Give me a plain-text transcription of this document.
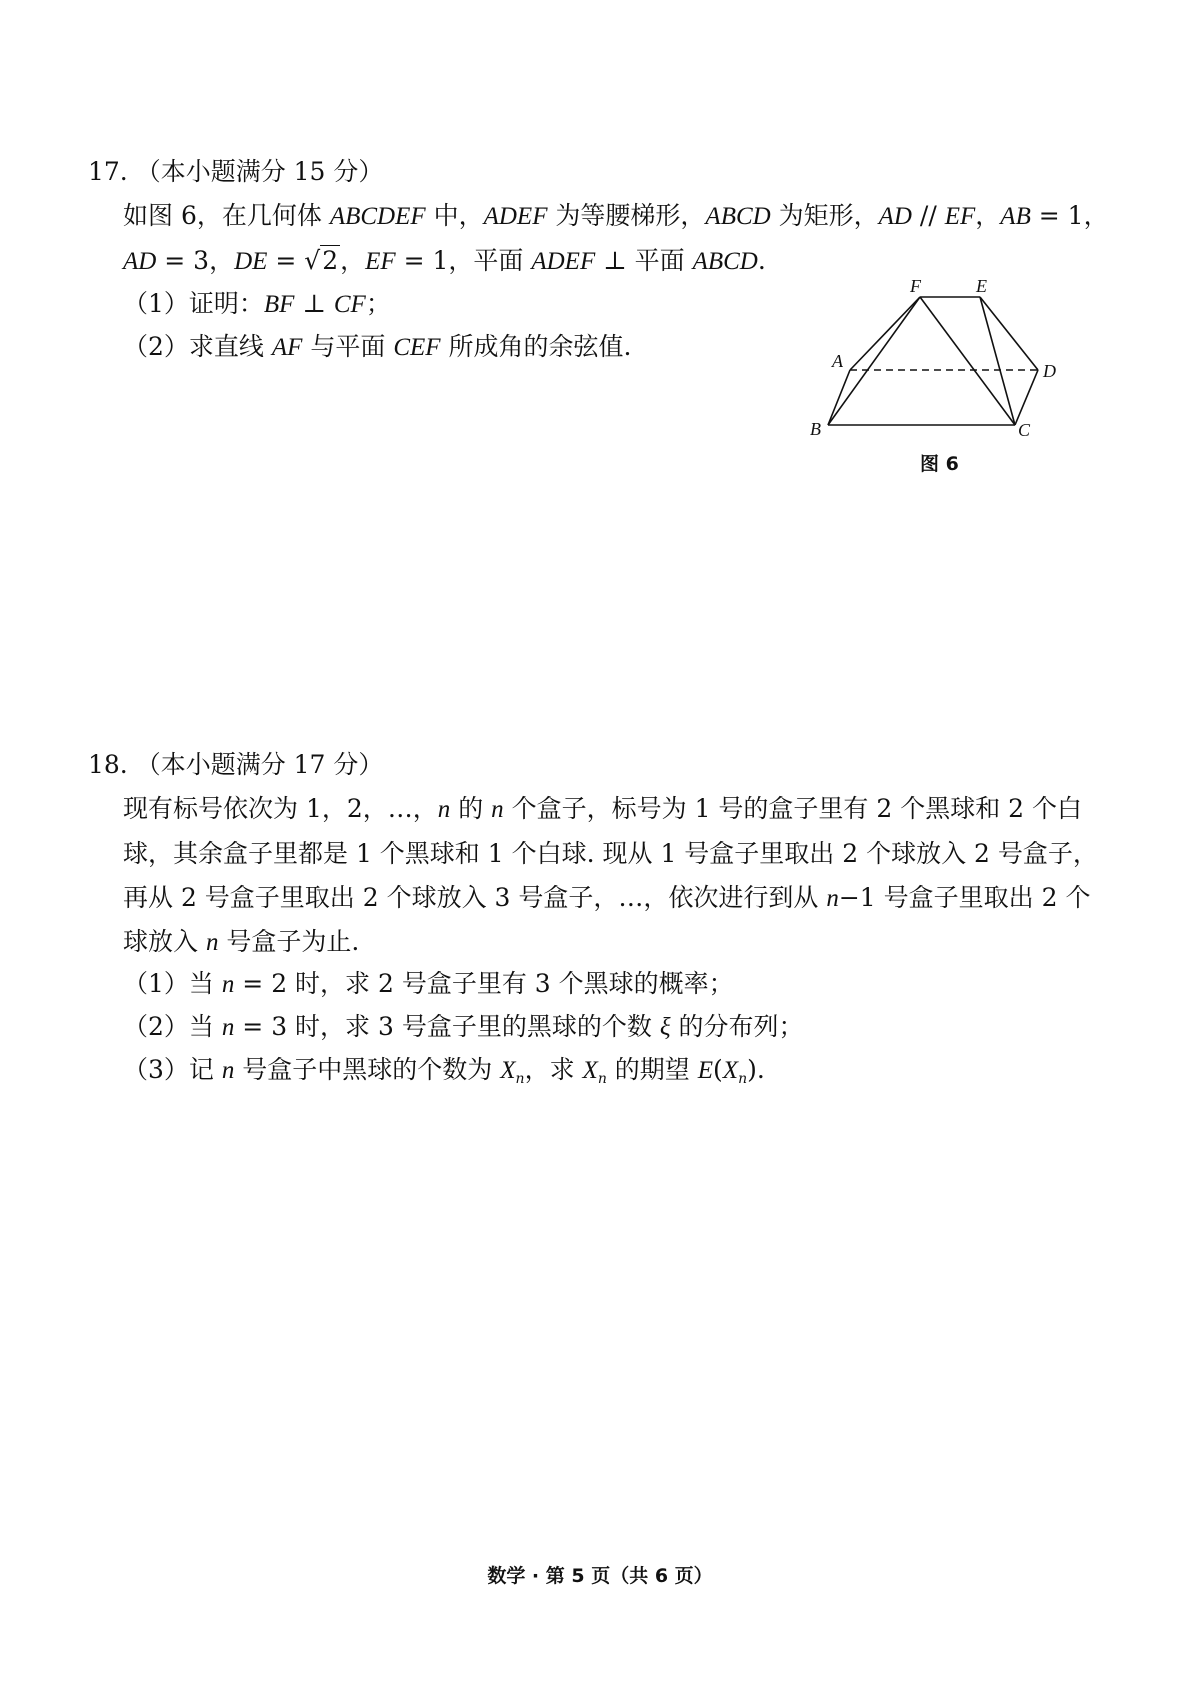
17. （本小题满分 15 分）
如图 6，在几何体 ABCDEF 中，ADEF 为等腰梯形，ABCD 为矩形，AD // EF，AB = 1，
AD = 3，DE = √2，EF = 1，平面 ADEF ⊥ 平面 ABCD.
（1）证明：BF ⊥ CF；
（2）求直线 AF 与平面 CEF 所成角的余弦值.	A
B	C
D
E
F
图 6
18. （本小题满分 17 分）
现有标号依次为 1，2，…，n 的 n 个盒子，标号为 1 号的盒子里有 2 个黑球和 2 个白
球，其余盒子里都是 1 个黑球和 1 个白球. 现从 1 号盒子里取出 2 个球放入 2 号盒子，
再从 2 号盒子里取出 2 个球放入 3 号盒子，…，依次进行到从 n−1 号盒子里取出 2 个
球放入 n 号盒子为止.
（1）当 n = 2 时，求 2 号盒子里有 3 个黑球的概率；
（2）当 n = 3 时，求 3 号盒子里的黑球的个数 ξ 的分布列；
（3）记 n 号盒子中黑球的个数为 $X_n$，求 $X_n$ 的期望 $E(X_n)$.
数学 · 第 5 页（共 6 页）
